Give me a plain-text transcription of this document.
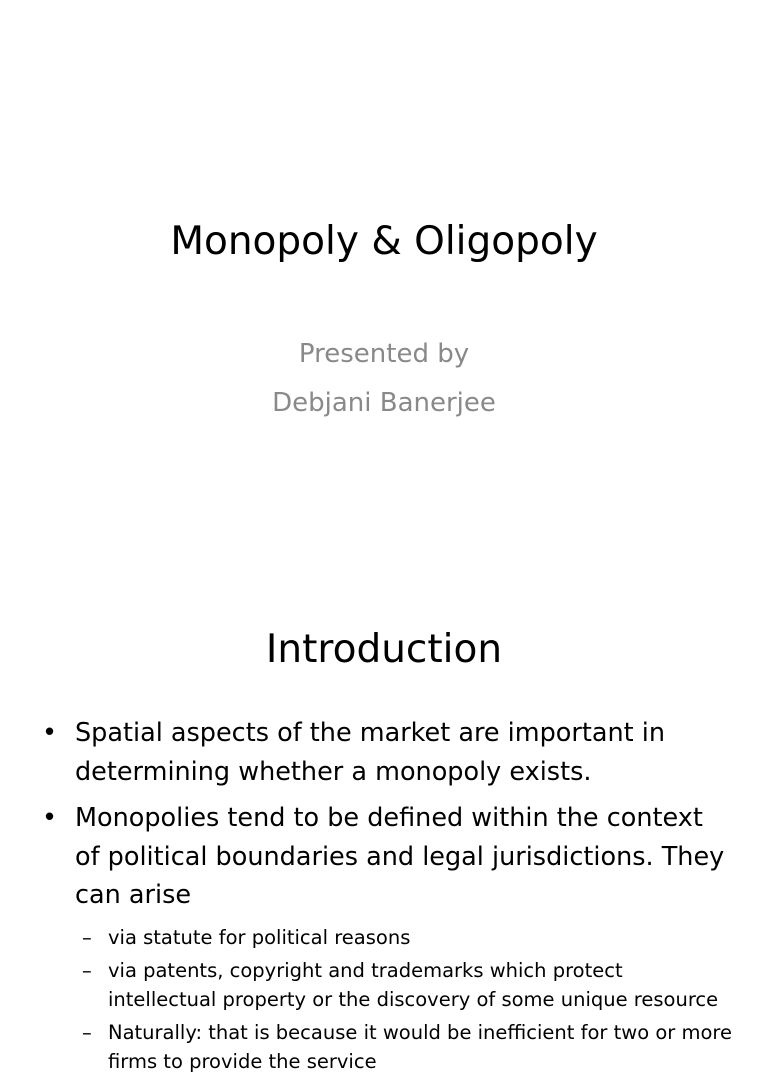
Monopoly & Oligopoly
Presented by
Debjani Banerjee
Introduction
• Spatial aspects of the market are important in determining whether a monopoly exists.
• Monopolies tend to be defined within the context of political boundaries and legal jurisdictions. They can arise
– via statute for political reasons
– via patents, copyright and trademarks which protect intellectual property or the discovery of some unique resource
– Naturally: that is because it would be inefficient for two or more firms to provide the service
